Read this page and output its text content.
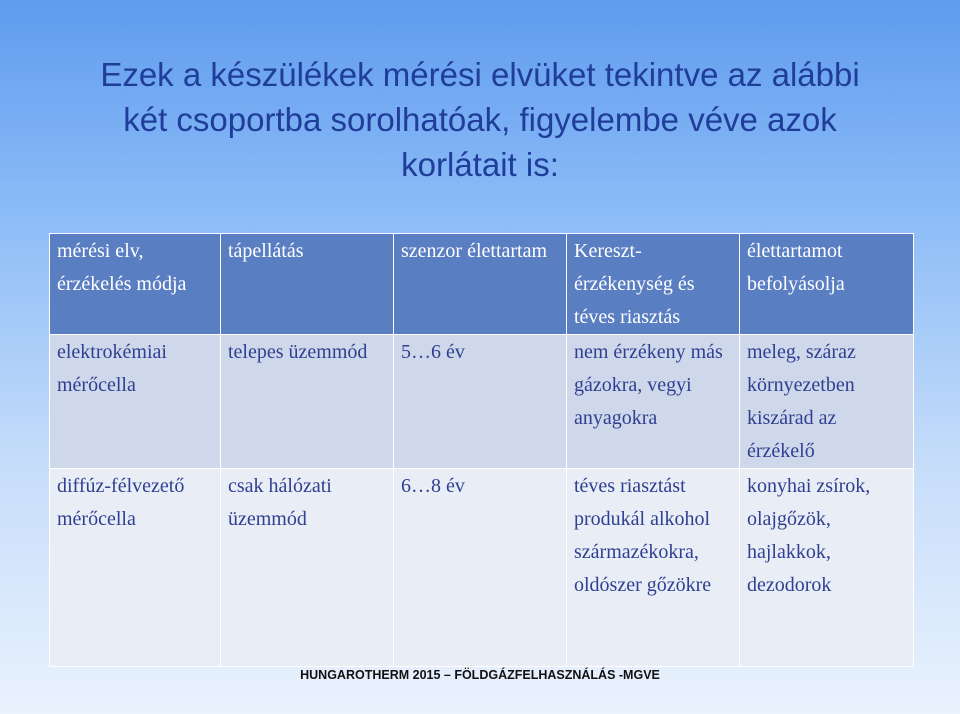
Ezek a készülékek mérési elvüket tekintve az alábbi
két csoportba sorolhatóak, figyelembe véve azok
korlátait is:
mérési elv, érzékelés módja	tápellátás	szenzor élettartam	Kereszt-érzékenység és téves riasztás	élettartamot befolyásolja
elektrokémiai mérőcella	telepes üzemmód	5…6 év	nem érzékeny más gázokra, vegyi anyagokra	meleg, száraz környezetben kiszárad az érzékelő
diffúz-félvezető mérőcella	csak hálózati üzemmód	6…8 év	téves riasztást produkál alkohol származékokra, oldószer gőzökre	konyhai zsírok, olajgőzök, hajlakkok, dezodorok
HUNGAROTHERM 2015 – FÖLDGÁZFELHASZNÁLÁS -MGVE
